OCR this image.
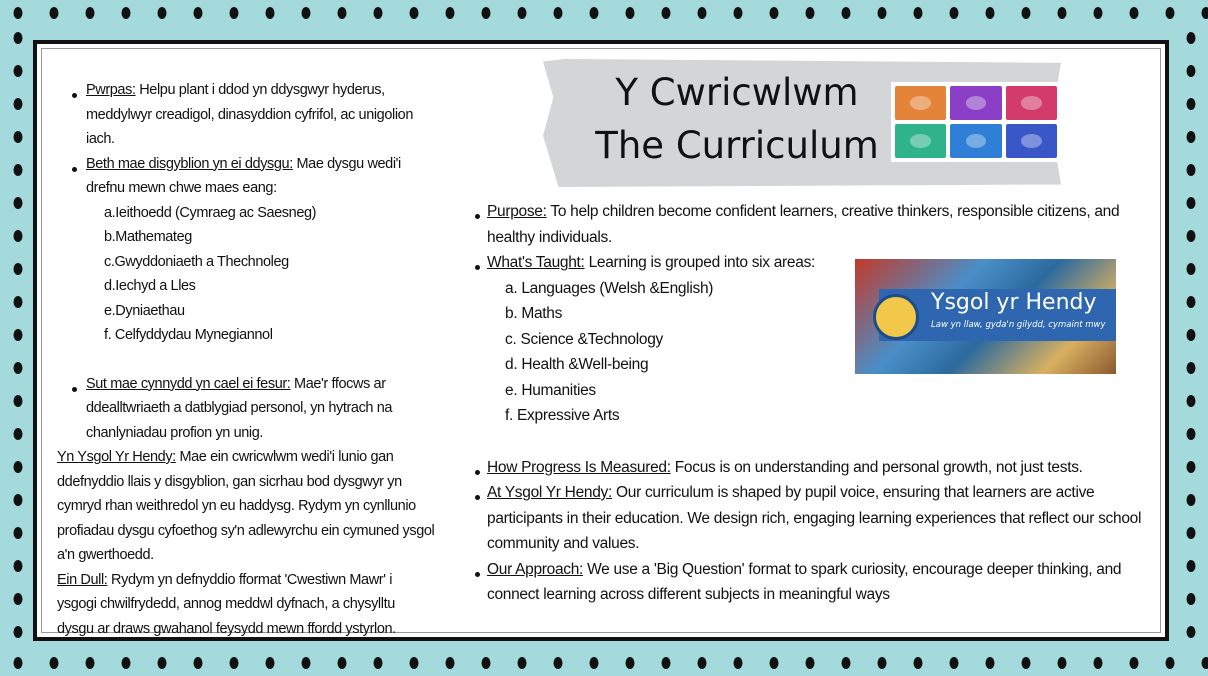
Pwrpas: Helpu plant i ddod yn ddysgwyr hyderus, meddylwyr creadigol, dinasyddion cyfrifol, ac unigolion iach.
Beth mae disgyblion yn ei ddysgu: Mae dysgu wedi'i drefnu mewn chwe maes eang:
a.Ieithoedd (Cymraeg ac Saesneg)
b.Mathemateg
c.Gwyddoniaeth a Thechnoleg
d.Iechyd a Lles
e.Dyniaethau
f. Celfyddydau Mynegiannol
Sut mae cynnydd yn cael ei fesur: Mae'r ffocws ar ddealltwriaeth a datblygiad personol, yn hytrach na chanlyniadau profion yn unig.
Yn Ysgol Yr Hendy: Mae ein cwricwlwm wedi'i lunio gan ddefnyddio llais y disgyblion, gan sicrhau bod dysgwyr yn cymryd rhan weithredol yn eu haddysg. Rydym yn cynllunio profiadau dysgu cyfoethog sy'n adlewyrchu ein cymuned ysgol a'n gwerthoedd.
Ein Dull: Rydym yn defnyddio fformat 'Cwestiwn Mawr' i ysgogi chwilfrydedd, annog meddwl dyfnach, a chysylltu dysgu ar draws gwahanol feysydd mewn ffordd ystyrlon.
Y Cwricwlwm
The Curriculum
Purpose: To help children become confident learners, creative thinkers, responsible citizens, and healthy individuals.
What's Taught: Learning is grouped into six areas:
a. Languages (Welsh &English)
b. Maths
c. Science &Technology
d. Health &Well-being
e. Humanities
f. Expressive Arts
How Progress Is Measured: Focus is on understanding and personal growth, not just tests.
At Ysgol Yr Hendy: Our curriculum is shaped by pupil voice, ensuring that learners are active participants in their education. We design rich, engaging learning experiences that reflect our school community and values.
Our Approach: We use a 'Big Question' format to spark curiosity, encourage deeper thinking, and connect learning across different subjects in meaningful ways
Ysgol yr Hendy
Law yn llaw, gyda'n gilydd, cymaint mwy
